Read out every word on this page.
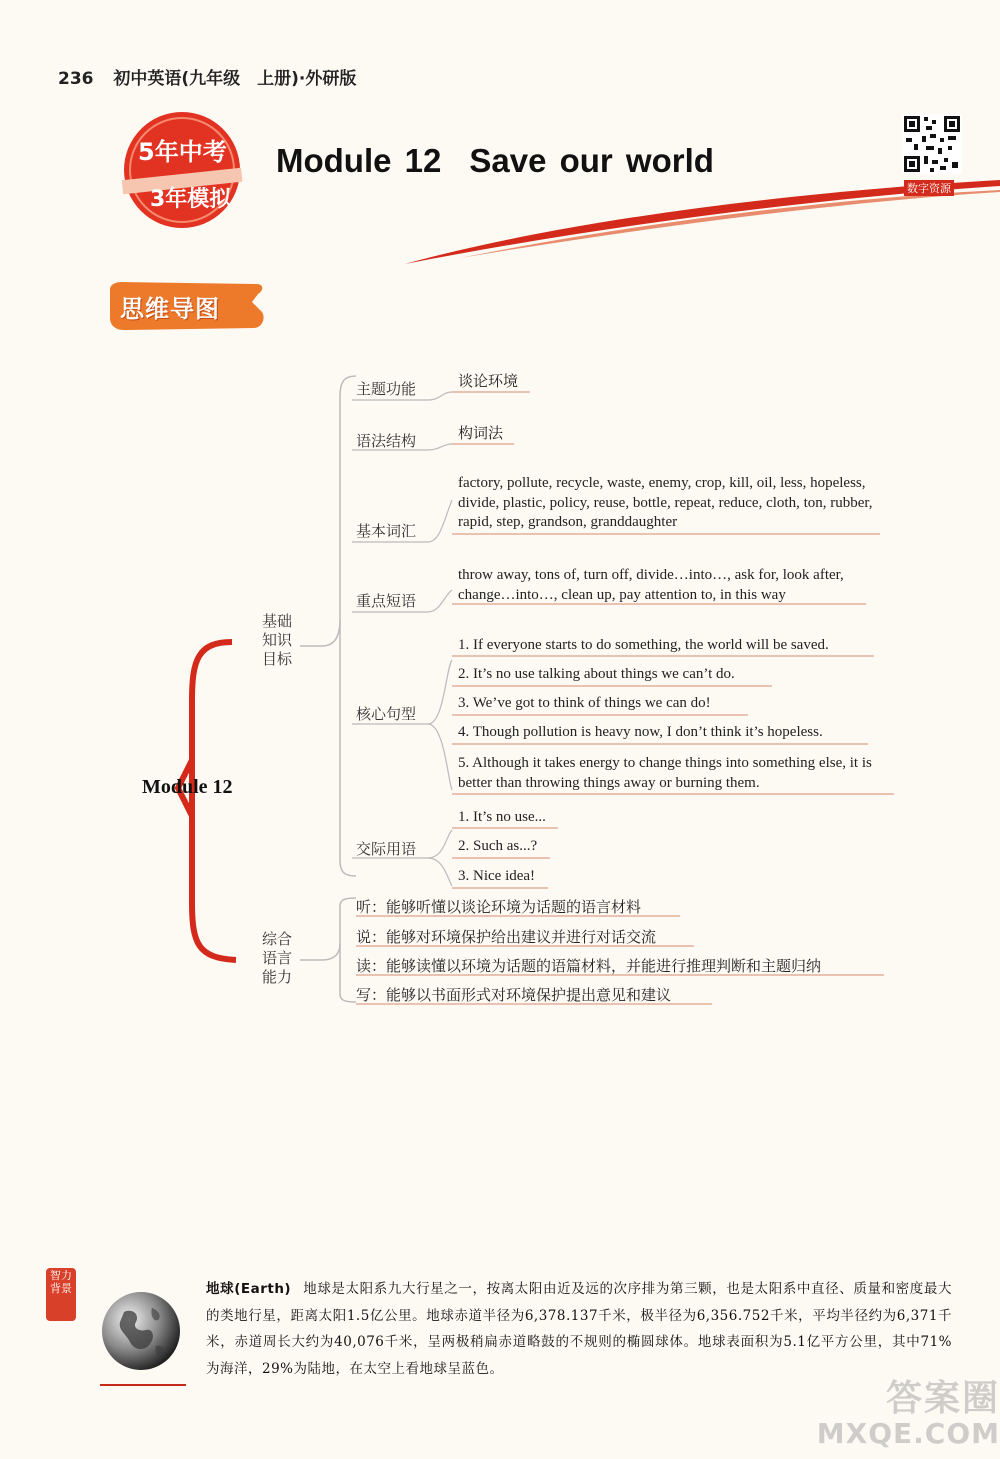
236 初中英语(九年级　上册)·外研版
5年中考
3年模拟
Module 12 Save our world
数字资源
思维导图
Module 12
基础
知识
目标
综合
语言
能力
主题功能
语法结构
基本词汇
重点短语
核心句型
交际用语
谈论环境
构词法
factory, pollute, recycle, waste, enemy, crop, kill, oil, less, hopeless, divide, plastic, policy, reuse, bottle, repeat, reduce, cloth, ton, rubber, rapid, step, grandson, granddaughter
throw away, tons of, turn off, divide…into…, ask for, look after, change…into…, clean up, pay attention to, in this way
1. If everyone starts to do something, the world will be saved.
2. It’s no use talking about things we can’t do.
3. We’ve got to think of things we can do!
4. Though pollution is heavy now, I don’t think it’s hopeless.
5. Although it takes energy to change things into something else, it is better than throwing things away or burning them.
1. It’s no use...
2. Such as...?
3. Nice idea!
听：能够听懂以谈论环境为话题的语言材料
说：能够对环境保护给出建议并进行对话交流
读：能够读懂以环境为话题的语篇材料，并能进行推理判断和主题归纳
写：能够以书面形式对环境保护提出意见和建议
智力背景	地球(Earth) 地球是太阳系九大行星之一，按离太阳由近及远的次序排为第三颗，也是太阳系中直径、质量和密度最大的类地行星，距离太阳1.5亿公里。地球赤道半径为6,378.137千米，极半径为6,356.752千米，平均半径约为6,371千米，赤道周长大约为40,076千米，呈两极稍扁赤道略鼓的不规则的椭圆球体。地球表面积为5.1亿平方公里，其中71%为海洋，29%为陆地，在太空上看地球呈蓝色。
答案圈
MXQE.COM
